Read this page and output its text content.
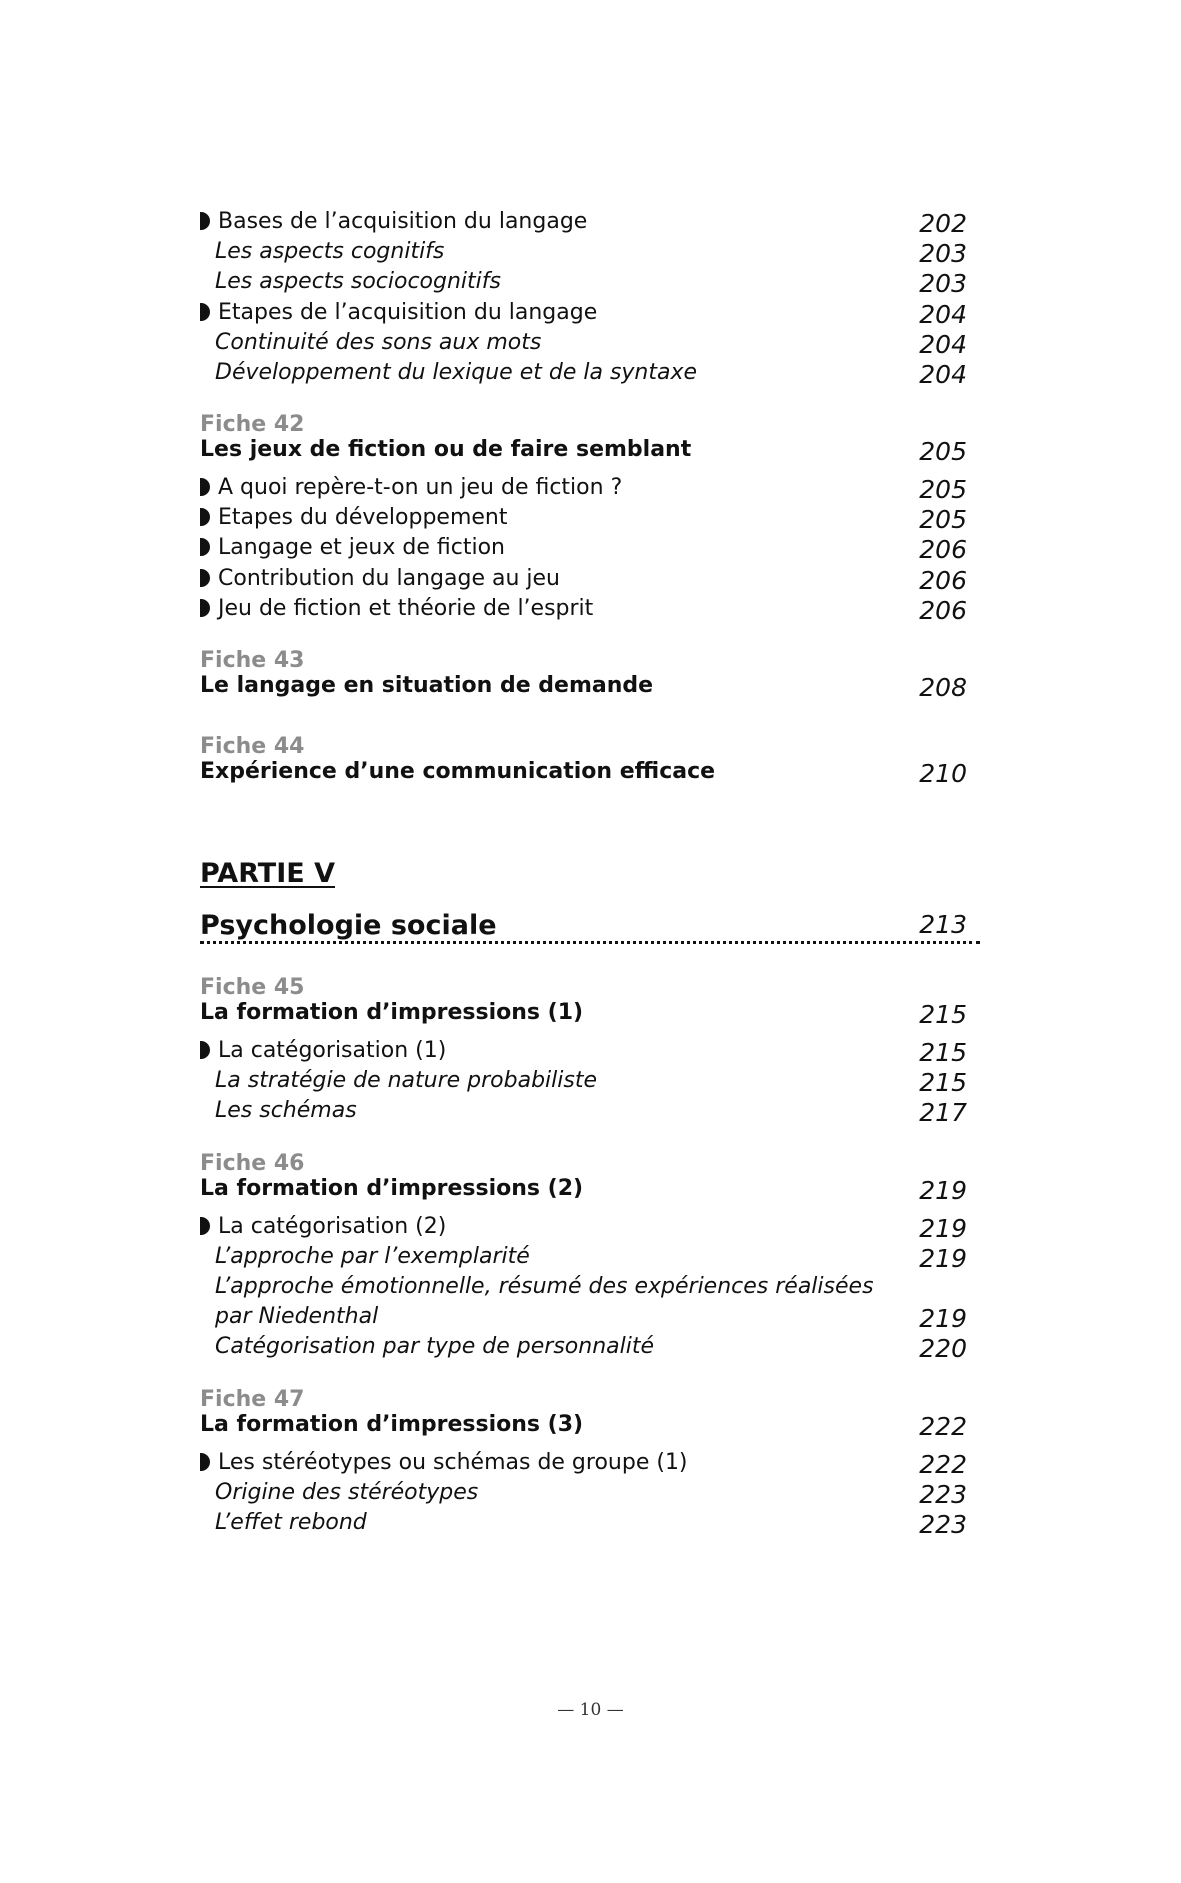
Bases de l’acquisition du langage	202
Les aspects cognitifs	203
Les aspects sociocognitifs	203
Etapes de l’acquisition du langage	204
Continuité des sons aux mots	204
Développement du lexique et de la syntaxe	204
Fiche 42
Les jeux de fiction ou de faire semblant	205
A quoi repère-t-on un jeu de fiction ?	205
Etapes du développement	205
Langage et jeux de fiction	206
Contribution du langage au jeu	206
Jeu de fiction et théorie de l’esprit	206
Fiche 43
Le langage en situation de demande	208
Fiche 44
Expérience d’une communication efficace	210
PARTIE V
Psychologie sociale	213
Fiche 45
La formation d’impressions (1)	215
La catégorisation (1)	215
La stratégie de nature probabiliste	215
Les schémas	217
Fiche 46
La formation d’impressions (2)	219
La catégorisation (2)	219
L’approche par l’exemplarité	219
L’approche émotionnelle, résumé des expériences réalisées
par Niedenthal	219
Catégorisation par type de personnalité	220
Fiche 47
La formation d’impressions (3)	222
Les stéréotypes ou schémas de groupe (1)	222
Origine des stéréotypes	223
L’effet rebond	223
— 10 —
